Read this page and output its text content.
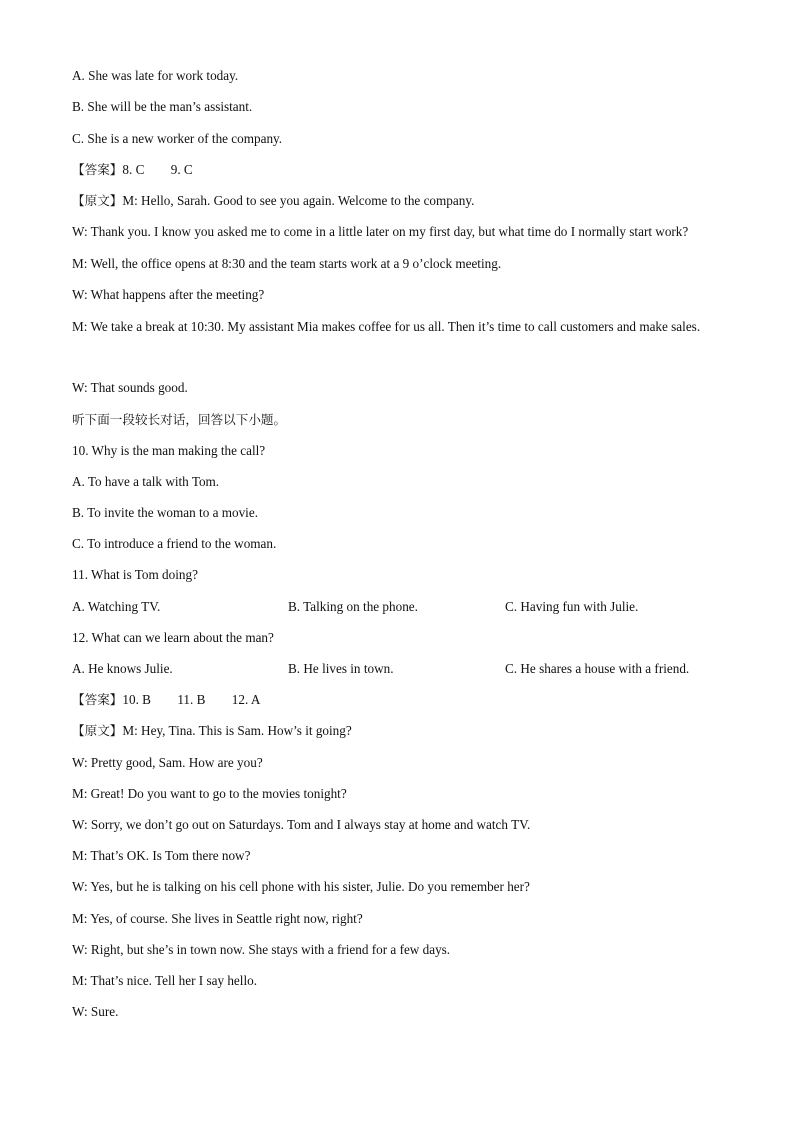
A. She was late for work today.
B. She will be the man’s assistant.
C. She is a new worker of the company.
【答案】8. C        9. C
【原文】M: Hello, Sarah. Good to see you again. Welcome to the company.
W: Thank you. I know you asked me to come in a little later on my first day, but what time do I normally start work?
M: Well, the office opens at 8:30 and the team starts work at a 9 o’clock meeting.
W: What happens after the meeting?
M: We take a break at 10:30. My assistant Mia makes coffee for us all. Then it’s time to call customers and make sales.
W: That sounds good.
听下面一段较长对话，回答以下小题。
10. Why is the man making the call?
A. To have a talk with Tom.
B. To invite the woman to a movie.
C. To introduce a friend to the woman.
11. What is Tom doing?
A. Watching TV.	B. Talking on the phone.	C. Having fun with Julie.
12. What can we learn about the man?
A. He knows Julie.	B. He lives in town.	C. He shares a house with a friend.
【答案】10. B        11. B        12. A
【原文】M: Hey, Tina. This is Sam. How’s it going?
W: Pretty good, Sam. How are you?
M: Great! Do you want to go to the movies tonight?
W: Sorry, we don’t go out on Saturdays. Tom and I always stay at home and watch TV.
M: That’s OK. Is Tom there now?
W: Yes, but he is talking on his cell phone with his sister, Julie. Do you remember her?
M: Yes, of course. She lives in Seattle right now, right?
W: Right, but she’s in town now. She stays with a friend for a few days.
M: That’s nice. Tell her I say hello.
W: Sure.
